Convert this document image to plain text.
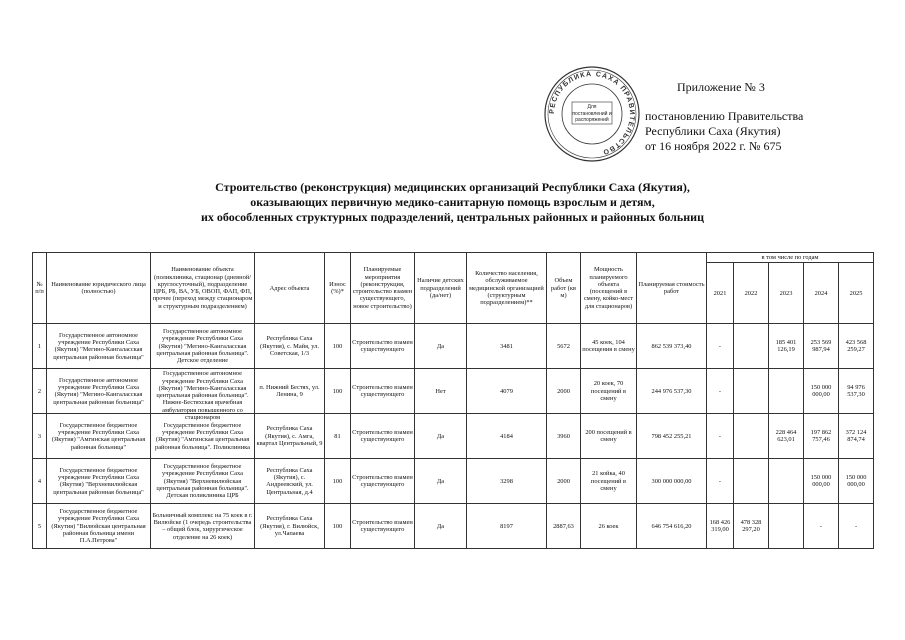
Приложение № 3
постановлению Правительства
Республики Саха (Якутия)
от 16 ноября 2022 г. № 675
РЕСПУБЛИКА САХА ПРАВИТЕЛЬСТВО
Для
постановлений и
распоряжений
Строительство (реконструкция) медицинских организаций Республики Саха (Якутия),
оказывающих первичную медико-санитарную помощь взрослым и детям,
их обособленных структурных подразделений, центральных районных и районных больниц
№ п/п	Наименование юридического лица (полностью)	Наименование объекта (поликлиника, стационар (дневной/круглосуточный), подразделение ЦРБ, РБ, ВА, УБ, ОВОП, ФАП, ФП, прочее (переход между стационаром и структурным подразделением)	Адрес объекта	Износ (%)*	Планируемые мероприятия (реконструкция, строительство взамен существующего, новое строительство)	Наличие детских подразделений (да/нет)	Количество населения, обслуживаемое медицинской организацией (структурным подразделением)**	Объем работ (кв м)	Мощность планируемого объекта (посещений в смену, койко-мест для стационаров)	Планируемая стоимость работ	в том числе по годам				
											2021	2022	2023	2024	2025

1	Государственное автономное учреждение Республики Саха (Якутия) "Мегино-Кангаласская центральная районная больница"	Государственное автономное учреждение Республики Саха (Якутия) "Мегино-Кангаласская центральная районная больница". Детское отделение	Республика Саха (Якутия), с. Майя, ул. Советская, 1/3	100	Строительство взамен существующего	Да	3481	5672	45 коек, 104 посещения в смену	862 539 373,40	-		185 401 126,19	253 569 987,94	423 568 259,27

2	Государственное автономное учреждение Республики Саха (Якутия) "Мегино-Кангаласская центральная районная больница"	Государственное автономное учреждение Республики Саха (Якутия) "Мегино-Кангаласская центральная районная больница". Нижне-Бестяхская врачебная амбулатория повышенного со стационаром	п. Нижний Бестях, ул. Ленина, 9	100	Строительство взамен существующего	Нет	4079	2000	20 коек, 70 посещений в смену	244 976 537,30	-			150 000 000,00	94 976 537,30

3	Государственное бюджетное учреждение Республики Саха (Якутия) "Амгинская центральная районная больница"	Государственное бюджетное учреждение Республики Саха (Якутия) "Амгинская центральная районная больница". Поликлиника	Республика Саха (Якутия), с. Амга, квартал Центральный, 9	81	Строительство взамен существующего	Да	4184	3960	200 посещений в смену	798 452 255,21	-		228 464 623,01	197 862 757,46	372 124 874,74

4	Государственное бюджетное учреждение Республики Саха (Якутия) "Верхневилюйская центральная районная больница"	Государственное бюджетное учреждение Республики Саха (Якутия) "Верхневилюйская центральная районная больница". Детская поликлиника ЦРБ	Республика Саха (Якутия), с. Андреевский, ул. Центральная, д.4	100	Строительство взамен существующего	Да	3298	2000	21 койка, 40 посещений в смену	300 000 000,00	-			150 000 000,00	150 000 000,00

5	Государственное бюджетное учреждение Республики Саха (Якутия) "Вилюйская центральная районная больница имени П.А.Петрова"	Больничный комплекс на 75 коек в г. Вилюйске (1 очередь строительства – общий блок, хирургическое отделение на 26 коек)	Республика Саха (Якутия), г. Вилюйск, ул.Чапаева	100	Строительство взамен существующего	Да	8197	2887,63	26 коек	646 754 616,20	168 426 319,00	478 328 297,20		-	-
